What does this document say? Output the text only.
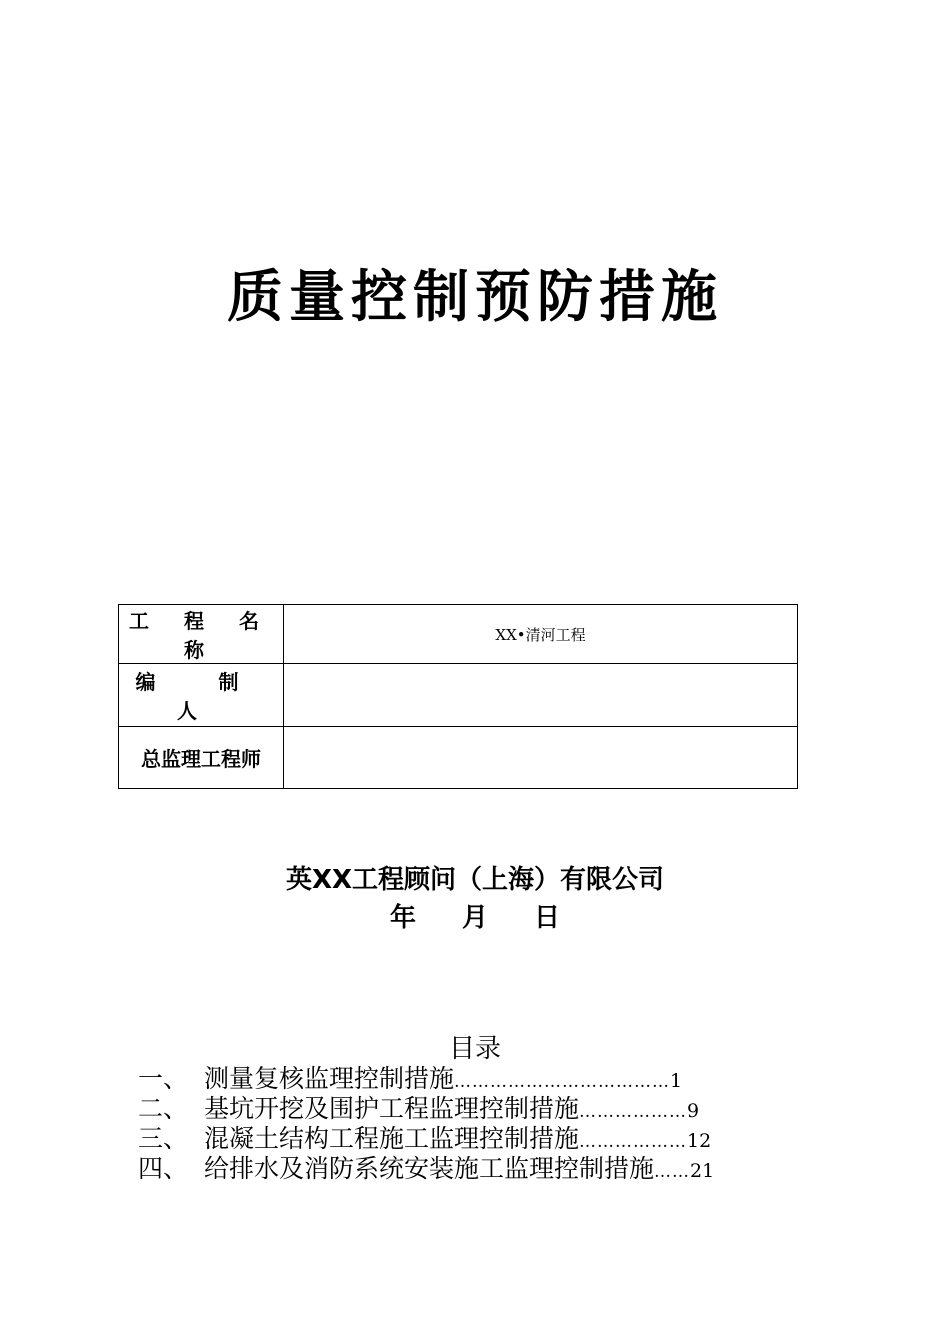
质量控制预防措施
工 程 名 称	XX•清河工程
编 制 人	
总监理工程师	
英XX工程顾问（上海）有限公司
年 月 日
目录
一、 测量复核监理控制措施………………………………1
二、 基坑开挖及围护工程监理控制措施………………9
三、 混凝土结构工程施工监理控制措施………………12
四、 给排水及消防系统安装施工监理控制措施……21
